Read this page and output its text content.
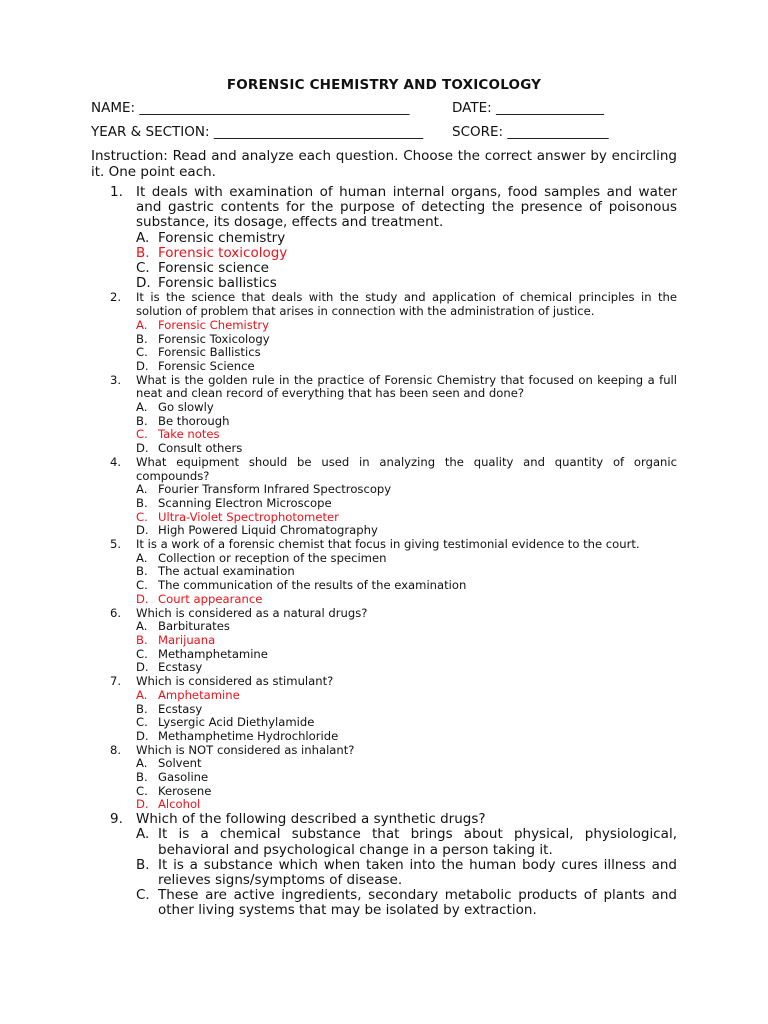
FORENSIC CHEMISTRY AND TOXICOLOGY
NAME: ________________________________________	DATE: ________________
YEAR & SECTION: _______________________________ SCORE: _______________
Instruction: Read and analyze each question. Choose the correct answer by encircling it. One point each.
1. It deals with examination of human internal organs, food samples and water and gastric contents for the purpose of detecting the presence of poisonous substance, its dosage, effects and treatment.
A. Forensic chemistry
B. Forensic toxicology
C. Forensic science
D. Forensic ballistics
2. It is the science that deals with the study and application of chemical principles in the solution of problem that arises in connection with the administration of justice.
A. Forensic Chemistry
B. Forensic Toxicology
C. Forensic Ballistics
D. Forensic Science
3. What is the golden rule in the practice of Forensic Chemistry that focused on keeping a full neat and clean record of everything that has been seen and done?
A. Go slowly
B. Be thorough
C. Take notes
D. Consult others
4. What equipment should be used in analyzing the quality and quantity of organic compounds?
A. Fourier Transform Infrared Spectroscopy
B. Scanning Electron Microscope
C. Ultra-Violet Spectrophotometer
D. High Powered Liquid Chromatography
5. It is a work of a forensic chemist that focus in giving testimonial evidence to the court.
A. Collection or reception of the specimen
B. The actual examination
C. The communication of the results of the examination
D. Court appearance
6. Which is considered as a natural drugs?
A. Barbiturates
B. Marijuana
C. Methamphetamine
D. Ecstasy
7. Which is considered as stimulant?
A. Amphetamine
B. Ecstasy
C. Lysergic Acid Diethylamide
D. Methamphetime Hydrochloride
8. Which is NOT considered as inhalant?
A. Solvent
B. Gasoline
C. Kerosene
D. Alcohol
9. Which of the following described a synthetic drugs?
A. It is a chemical substance that brings about physical, physiological, behavioral and psychological change in a person taking it.
B. It is a substance which when taken into the human body cures illness and relieves signs/symptoms of disease.
C. These are active ingredients, secondary metabolic products of plants and other living systems that may be isolated by extraction.
